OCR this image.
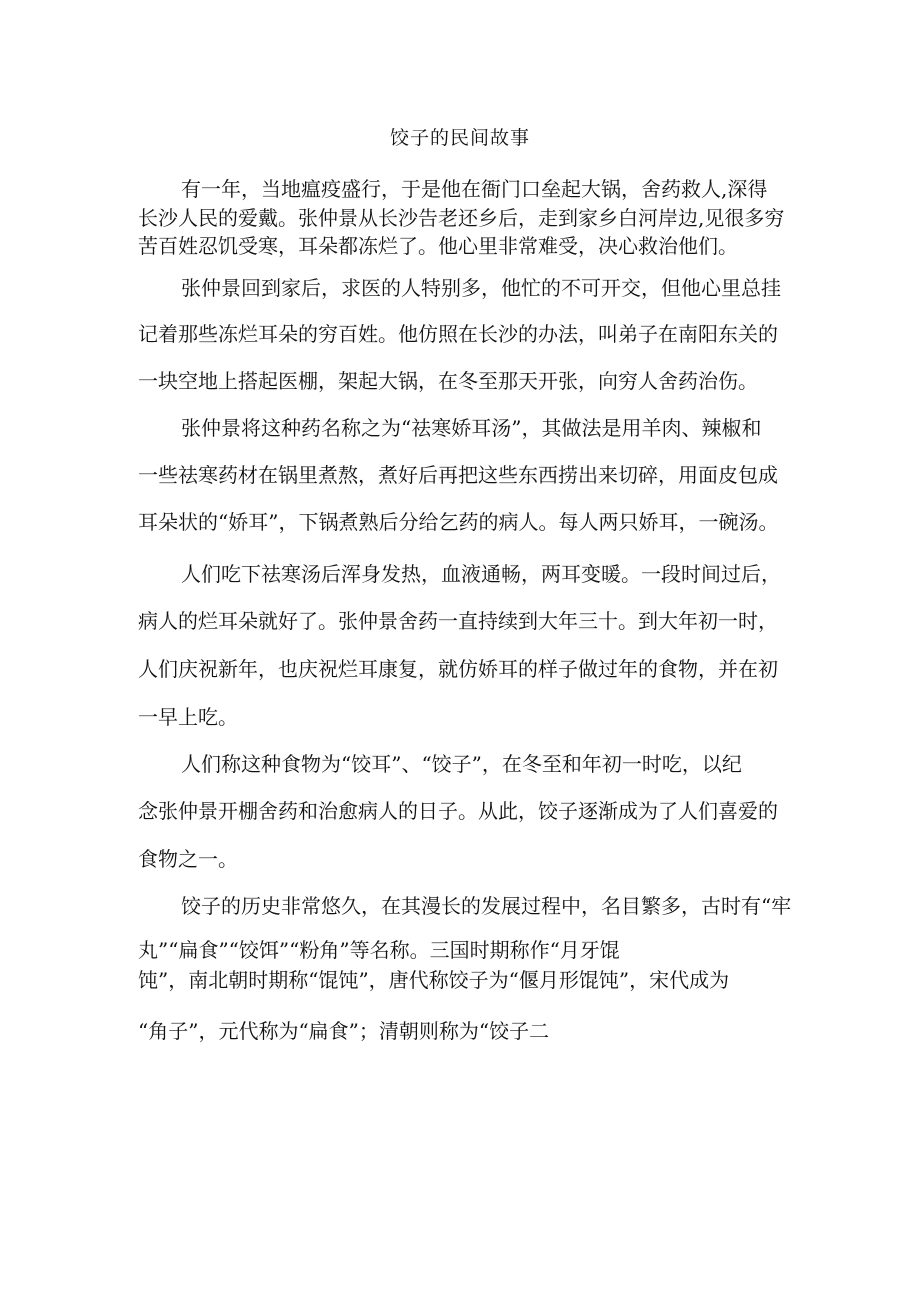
饺子的民间故事
有一年，当地瘟疫盛行，于是他在衙门口垒起大锅，舍药救人,深得
长沙人民的爱戴。张仲景从长沙告老还乡后，走到家乡白河岸边,见很多穷
苦百姓忍饥受寒，耳朵都冻烂了。他心里非常难受，决心救治他们。
张仲景回到家后，求医的人特别多，他忙的不可开交，但他心里总挂
记着那些冻烂耳朵的穷百姓。他仿照在长沙的办法，叫弟子在南阳东关的
一块空地上搭起医棚，架起大锅，在冬至那天开张，向穷人舍药治伤。
张仲景将这种药名称之为“祛寒娇耳汤”，其做法是用羊肉、辣椒和
一些祛寒药材在锅里煮熬，煮好后再把这些东西捞出来切碎，用面皮包成
耳朵状的“娇耳”，下锅煮熟后分给乞药的病人。每人两只娇耳，一碗汤。
人们吃下祛寒汤后浑身发热，血液通畅，两耳变暖。一段时间过后，
病人的烂耳朵就好了。张仲景舍药一直持续到大年三十。到大年初一时，
人们庆祝新年，也庆祝烂耳康复，就仿娇耳的样子做过年的食物，并在初
一早上吃。
人们称这种食物为“饺耳”、“饺子”，在冬至和年初一时吃，以纪
念张仲景开棚舍药和治愈病人的日子。从此，饺子逐渐成为了人们喜爱的
食物之一。
饺子的历史非常悠久，在其漫长的发展过程中，名目繁多，古时有“牢
丸”“扁食”“饺饵”“粉角”等名称。三国时期称作“月牙馄
饨”，南北朝时期称“馄饨”，唐代称饺子为“偃月形馄饨”，宋代成为
“角子”，元代称为“扁食”；清朝则称为“饺子二
